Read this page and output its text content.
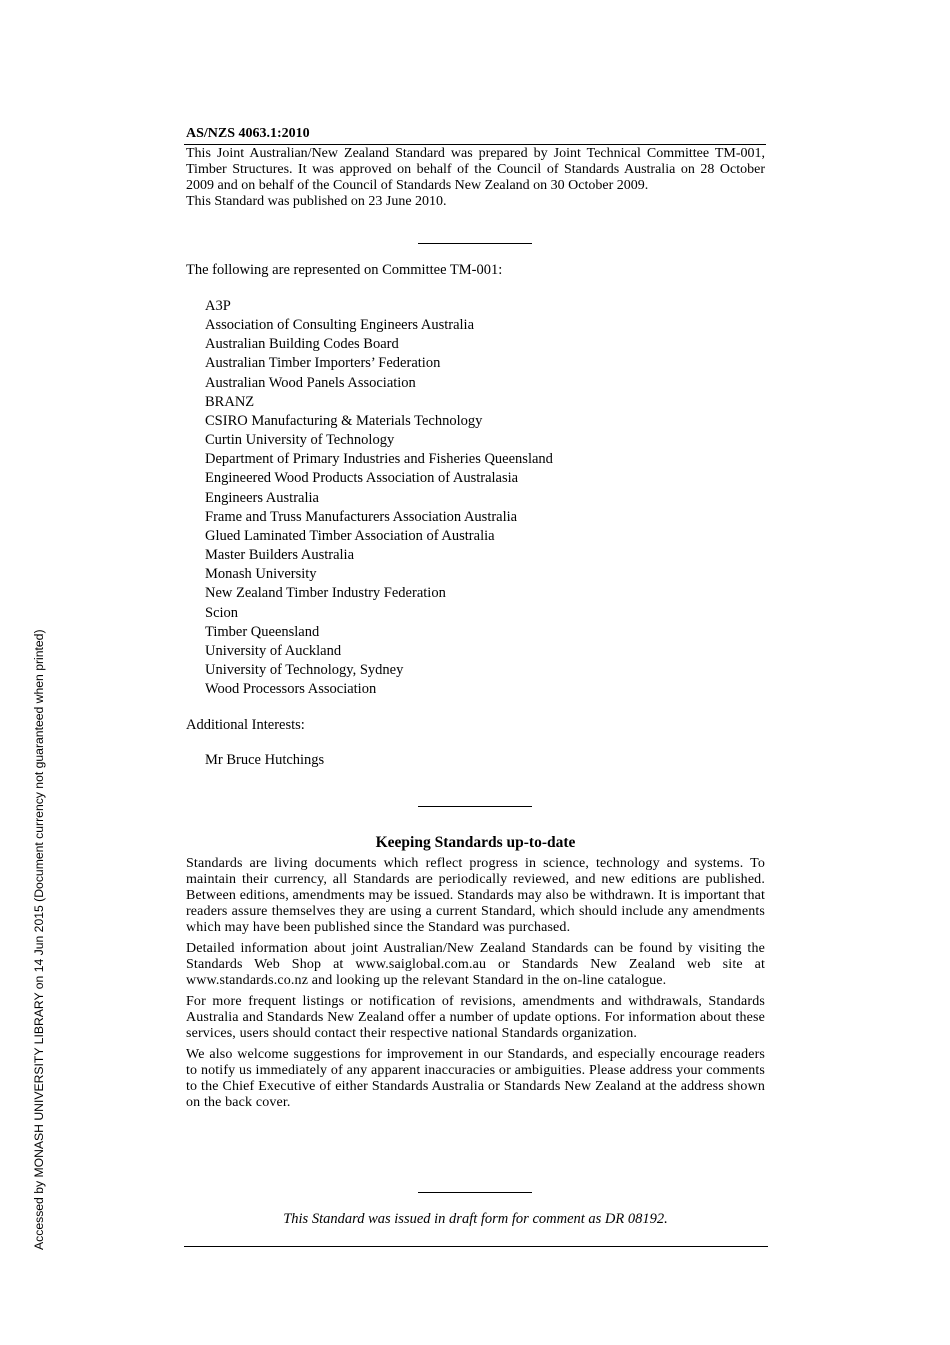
Accessed by MONASH UNIVERSITY LIBRARY on 14 Jun 2015 (Document currency not guaranteed when printed)
AS/NZS 4063.1:2010

This Joint Australian/New Zealand Standard was prepared by Joint Technical Committee TM-001, Timber Structures. It was approved on behalf of the Council of Standards Australia on 28 October 2009 and on behalf of the Council of Standards New Zealand on 30 October 2009.

This Standard was published on 23 June 2010.

The following are represented on Committee TM-001:
A3P
Association of Consulting Engineers Australia
Australian Building Codes Board
Australian Timber Importers’ Federation
Australian Wood Panels Association
BRANZ
CSIRO Manufacturing & Materials Technology
Curtin University of Technology
Department of Primary Industries and Fisheries Queensland
Engineered Wood Products Association of Australasia
Engineers Australia
Frame and Truss Manufacturers Association Australia
Glued Laminated Timber Association of Australia
Master Builders Australia
Monash University
New Zealand Timber Industry Federation
Scion
Timber Queensland
University of Auckland
University of Technology, Sydney
Wood Processors Association
Additional Interests:
Mr Bruce Hutchings
Keeping Standards up-to-date

Standards are living documents which reflect progress in science, technology and systems. To maintain their currency, all Standards are periodically reviewed, and new editions are published. Between editions, amendments may be issued. Standards may also be withdrawn. It is important that readers assure themselves they are using a current Standard, which should include any amendments which may have been published since the Standard was purchased.

Detailed information about joint Australian/New Zealand Standards can be found by visiting the Standards Web Shop at www.saiglobal.com.au or Standards New Zealand web site at www.standards.co.nz and looking up the relevant Standard in the on-line catalogue.

For more frequent listings or notification of revisions, amendments and withdrawals, Standards Australia and Standards New Zealand offer a number of update options. For information about these services, users should contact their respective national Standards organization.

We also welcome suggestions for improvement in our Standards, and especially encourage readers to notify us immediately of any apparent inaccuracies or ambiguities. Please address your comments to the Chief Executive of either Standards Australia or Standards New Zealand at the address shown on the back cover.

This Standard was issued in draft form for comment as DR 08192.
